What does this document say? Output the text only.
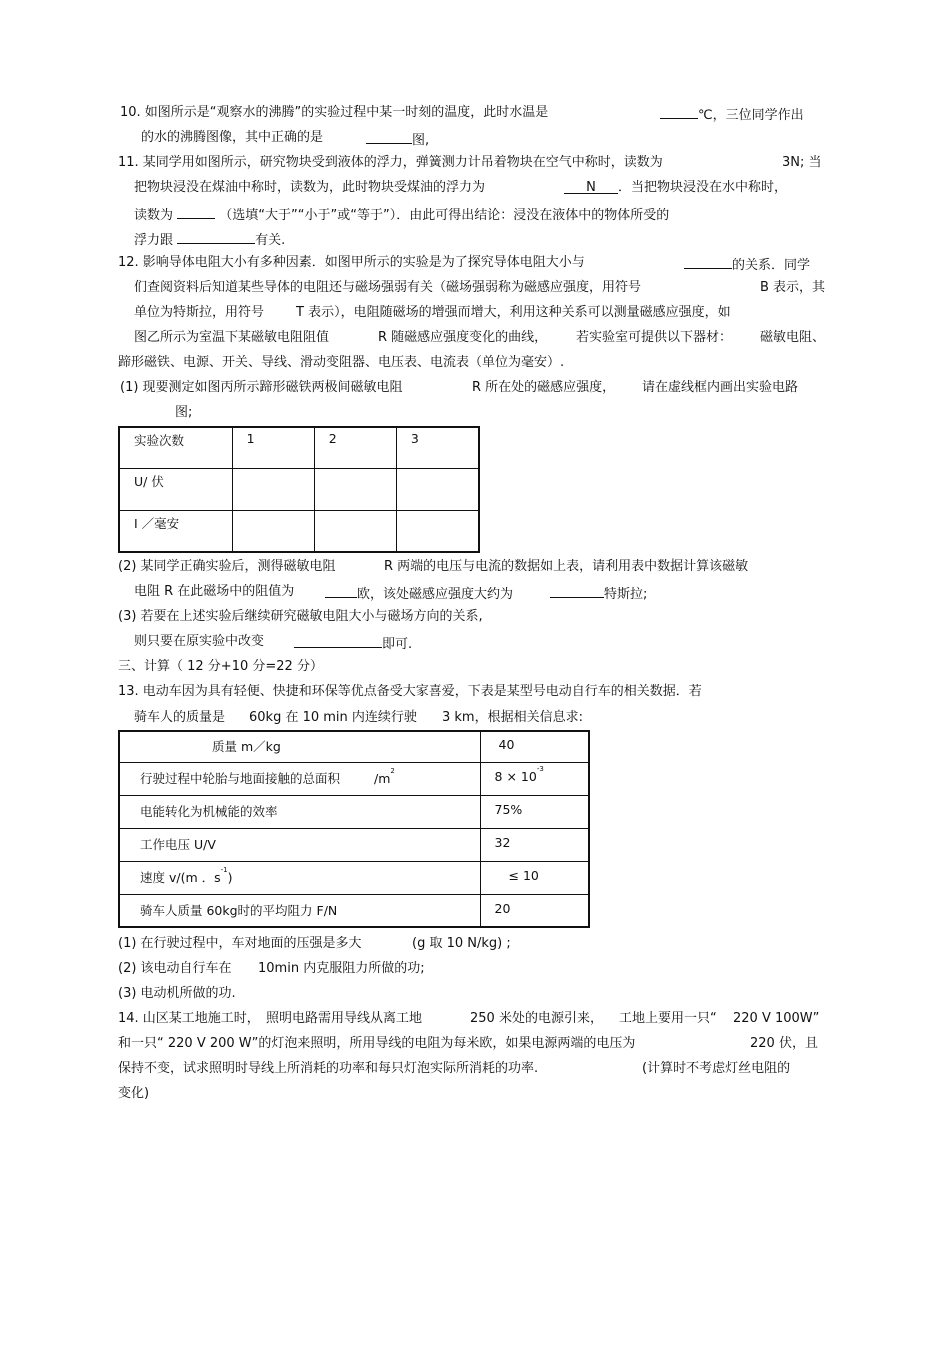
10. 如图所示是“观察水的沸腾”的实验过程中某一时刻的温度，此时水温是	℃，三位同学作出
的水的沸腾图像，其中正确的是	图,
11. 某同学用如图所示，研究物块受到液体的浮力，弹簧测力计吊着物块在空气中称时，读数为	3N; 当
把物块浸没在煤油中称时，读数为，此时物块受煤油的浮力为	N ．当把物块浸没在水中称时，
读数为	（选填“大于”“小于”或“等于”）．由此可得出结论：浸没在液体中的物体所受的
浮力跟	有关.
12. 影响导体电阻大小有多种因素．如图甲所示的实验是为了探究导体电阻大小与	的关系．同学
们查阅资料后知道某些导体的电阻还与磁场强弱有关（磁场强弱称为磁感应强度，用符号	B 表示，其
单位为特斯拉，用符号 T 表示），电阻随磁场的增强而增大，利用这种关系可以测量磁感应强度，如
图乙所示为室温下某磁敏电阻阻值	R 随磁感应强度变化的曲线， 若实验室可提供以下器材： 磁敏电阻、
蹄形磁铁、电源、开关、导线、滑动变阻器、电压表、电流表（单位为毫安）.
(1) 现要测定如图丙所示蹄形磁铁两极间磁敏电阻	R 所在处的磁感应强度， 请在虚线框内画出实验电路
图;
实验次数	1	2	3
U/ 伏			
I ／毫安			
(2) 某同学正确实验后，测得磁敏电阻	R 两端的电压与电流的数据如上表，请利用表中数据计算该磁敏
电阻 R 在此磁场中的阻值为	欧，该处磁感应强度大约为	特斯拉;
(3) 若要在上述实验后继续研究磁敏电阻大小与磁场方向的关系,
则只要在原实验中改变	即可.
三、计算（ 12 分+10 分=22 分）
13. 电动车因为具有轻便、快捷和环保等优点备受大家喜爱，下表是某型号电动自行车的相关数据．若
骑车人的质量是 60kg 在 10 min 内连续行驶 3 km，根据相关信息求:
质量 m／kg	40
行驶过程中轮胎与地面接触的总面积 $/m^2$	$8 \times 10^{-3}$
电能转化为机械能的效率	75%
工作电压 U/V	32
速度 v/(m ．$s^{-1}$)	≤ 10
骑车人质量 60kg时的平均阻力 F/N	20
(1) 在行驶过程中，车对地面的压强是多大	(g 取 10 N/kg) ;
(2) 该电动自行车在 10min 内克服阻力所做的功;
(3) 电动机所做的功.
14. 山区某工地施工时， 照明电路需用导线从离工地	250 米处的电源引来， 工地上要用一只“ 220 V 100W”
和一只“ 220 V 200 W”的灯泡来照明，所用导线的电阻为每米欧，如果电源两端的电压为	220 伏，且
保持不变，试求照明时导线上所消耗的功率和每只灯泡实际所消耗的功率.	(计算时不考虑灯丝电阻的
变化)
